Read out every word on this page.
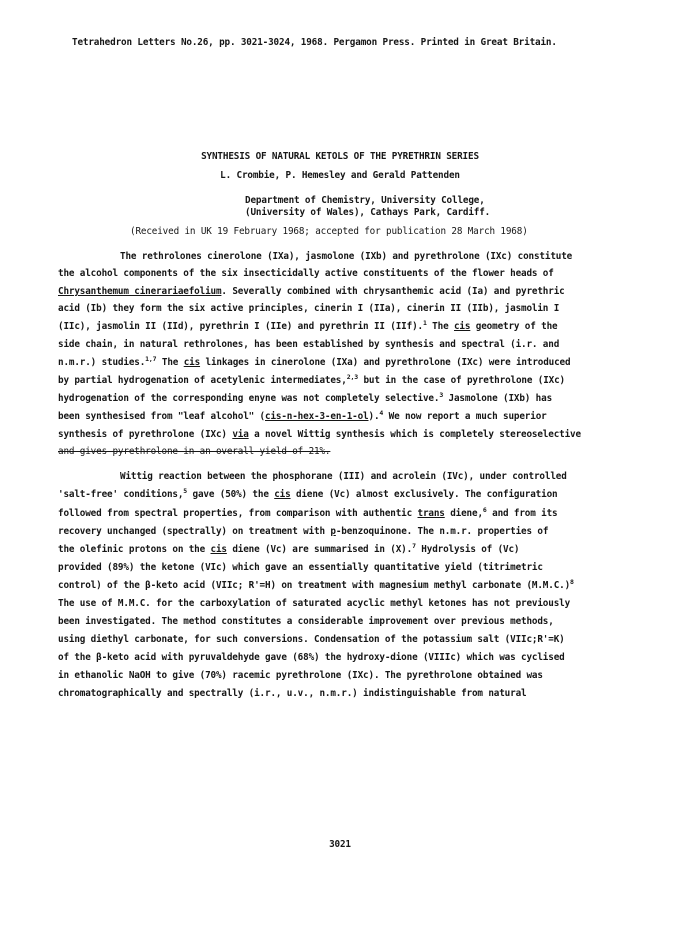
Tetrahedron Letters No.26, pp. 3021-3024, 1968. Pergamon Press. Printed in Great Britain.
SYNTHESIS OF NATURAL KETOLS OF THE PYRETHRIN SERIES
L. Crombie, P. Hemesley and Gerald Pattenden
Department of Chemistry, University College,
(University of Wales), Cathays Park, Cardiff.
(Received in UK 19 February 1968; accepted for publication 28 March 1968)
The rethrolones cinerolone (IXa), jasmolone (IXb) and pyrethrolone (IXc) constitute
the alcohol components of the six insecticidally active constituents of the flower heads of
Chrysanthemum cinerariaefolium. Severally combined with chrysanthemic acid (Ia) and pyrethric
acid (Ib) they form the six active principles, cinerin I (IIa), cinerin II (IIb), jasmolin I
(IIc), jasmolin II (IId), pyrethrin I (IIe) and pyrethrin II (IIf).$^1$ The cis geometry of the
side chain, in natural rethrolones, has been established by synthesis and spectral (i.r. and
n.m.r.) studies.$^{1,7}$ The cis linkages in cinerolone (IXa) and pyrethrolone (IXc) were introduced
by partial hydrogenation of acetylenic intermediates,$^{2,3}$ but in the case of pyrethrolone (IXc)
hydrogenation of the corresponding enyne was not completely selective.$^3$ Jasmolone (IXb) has
been synthesised from "leaf alcohol" (cis-n-hex-3-en-1-ol).$^4$ We now report a much superior
synthesis of pyrethrolone (IXc) via a novel Wittig synthesis which is completely stereoselective
and gives pyrethrolone in an overall yield of 21%.
Wittig reaction between the phosphorane (III) and acrolein (IVc), under controlled
'salt-free' conditions,$^5$ gave (50%) the cis diene (Vc) almost exclusively. The configuration
followed from spectral properties, from comparison with authentic trans diene,$^6$ and from its
recovery unchanged (spectrally) on treatment with p-benzoquinone. The n.m.r. properties of
the olefinic protons on the cis diene (Vc) are summarised in (X).$^7$ Hydrolysis of (Vc)
provided (89%) the ketone (VIc) which gave an essentially quantitative yield (titrimetric
control) of the β-keto acid (VIIc; R'=H) on treatment with magnesium methyl carbonate $(M.M.C.)^8$
The use of M.M.C. for the carboxylation of saturated acyclic methyl ketones has not previously
been investigated. The method constitutes a considerable improvement over previous methods,
using diethyl carbonate, for such conversions. Condensation of the potassium salt (VIIc;R'=K)
of the β-keto acid with pyruvaldehyde gave (68%) the hydroxy-dione (VIIIc) which was cyclised
in ethanolic NaOH to give (70%) racemic pyrethrolone (IXc). The pyrethrolone obtained was
chromatographically and spectrally (i.r., u.v., n.m.r.) indistinguishable from natural
3021
